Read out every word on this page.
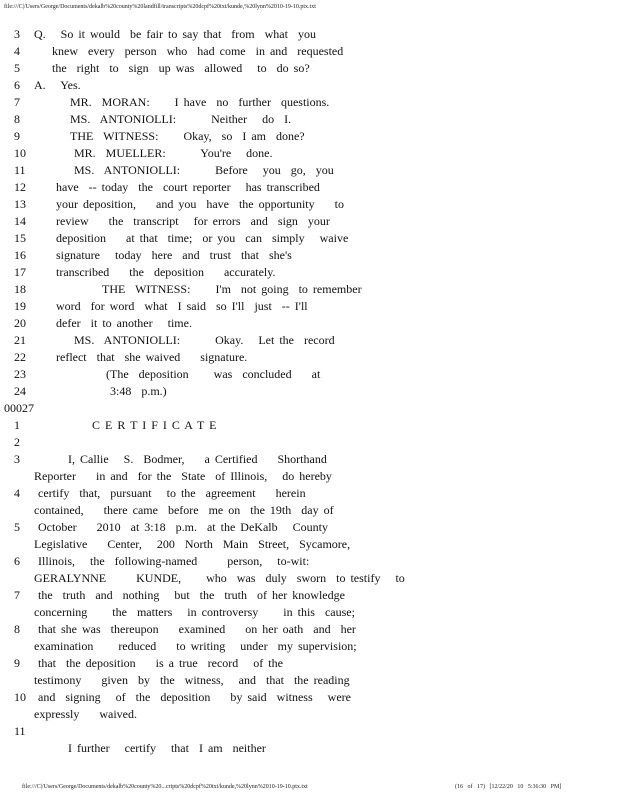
file:///C|/Users/George/Documents/dekalb%20county%20landfill/transcripts%20dcpf%20txt/kunde,%20lynn%2010-19-10.ptx.txt
3	Q.   So it would  be fair to say that  from  what  you
4	knew  every  person  who  had come  in and  requested
5	the  right  to  sign  up was  allowed   to  do so?
6	A.   Yes.
7	MR.  MORAN:     I have  no  further  questions.
8	MS.  ANTONIOLLI:       Neither   do  I.
9	THE  WITNESS:     Okay,  so  I am  done?
10	MR.  MUELLER:       You're   done.
11	MS.  ANTONIOLLI:       Before   you  go,  you
12	have  -- today  the  court reporter   has transcribed
13	your deposition,    and you  have  the opportunity    to
14	review    the  transcript   for errors  and  sign  your
15	deposition    at that  time;  or you  can  simply   waive
16	signature   today  here  and  trust  that  she's
17	transcribed    the  deposition    accurately.
18	THE  WITNESS:     I'm  not going  to remember
19	word  for word  what  I said  so I'll  just  -- I'll
20	defer  it to another   time.
21	MS.  ANTONIOLLI:       Okay.   Let the  record
22	reflect  that  she waived    signature.
23	(The  deposition     was  concluded    at
24	3:48  p.m.)
00027
1	C E R T I F I C A T E
2
3	I, Callie   S.  Bodmer,    a Certified    Shorthand
Reporter    in and  for the  State  of Illinois,   do hereby
4	certify  that,  pursuant   to the  agreement    herein
contained,    there came  before  me on  the 19th  day of
5	October    2010  at 3:18  p.m.  at the DeKalb   County
Legislative    Center,   200  North  Main  Street,  Sycamore,
6	Illinois,   the  following-named      person,   to-wit:
GERALYNNE      KUNDE,     who  was  duly  sworn  to testify   to
7	the  truth  and  nothing   but  the  truth  of her knowledge
concerning     the  matters   in controversy     in this  cause;
8	that she was  thereupon    examined    on her oath  and  her
examination     reduced    to writing   under  my supervision;
9	that  the deposition    is a true  record   of the
testimony    given  by  the  witness,   and  that  the reading
10 and  signing   of  the  deposition    by said  witness   were
expressly    waived.
11
I further   certify   that  I am  neither
file:///C|/Users/George/Documents/dekalb%20county%20...cripts%20dcpf%20txt/kunde,%20lynn%2010-19-10.ptx.txt	(16 of 17) [12/22/20 10 5:36:30 PM]
